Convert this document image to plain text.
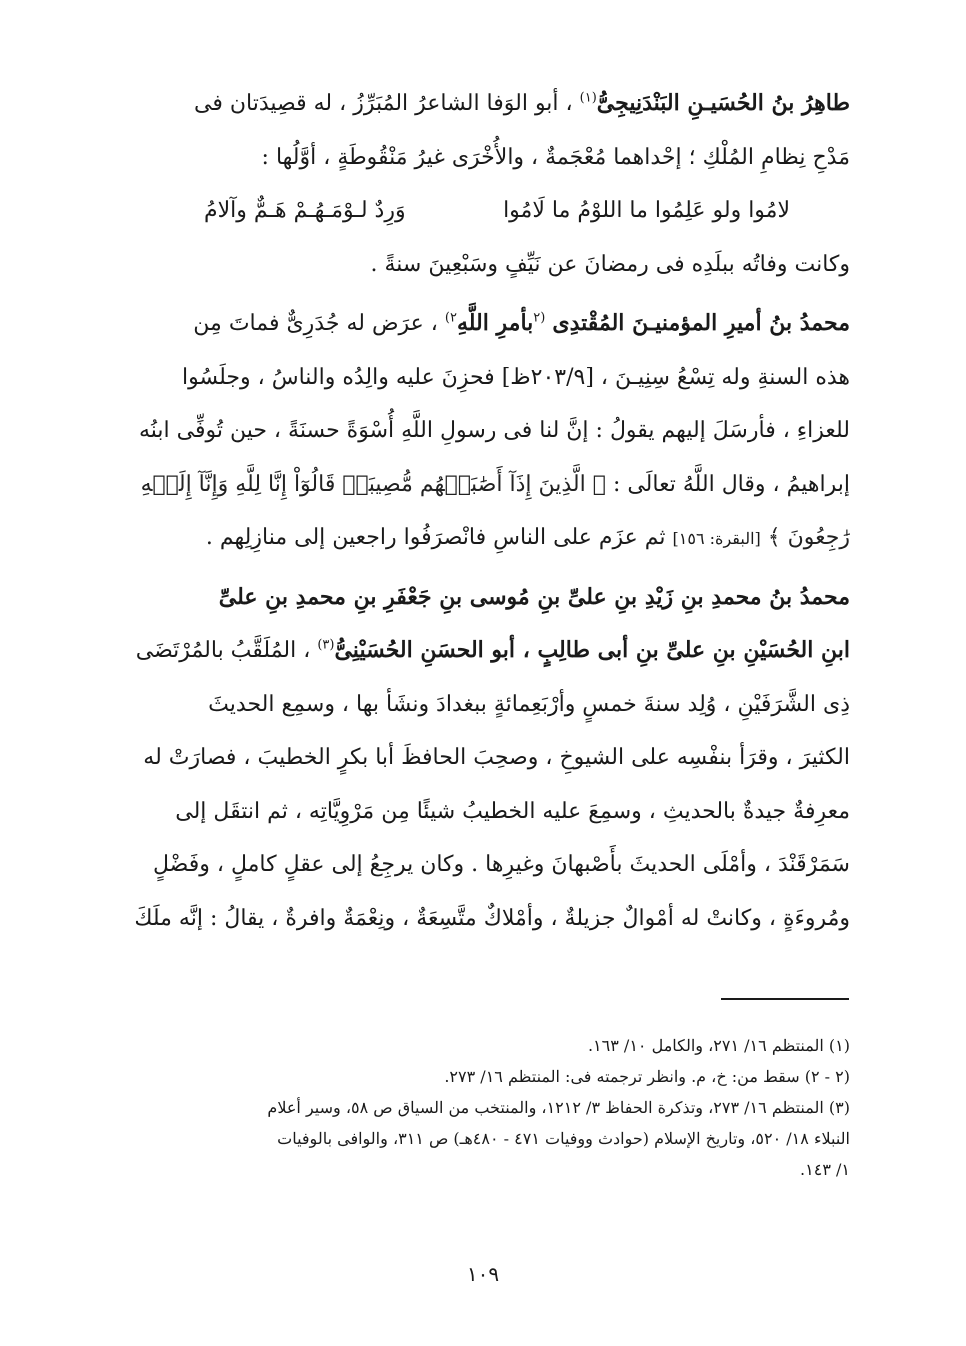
طاهِرُ بنُ الحُسَيـنِ البَنْدَنِيجِىُّ$^{(١)}$ ، أبو الوَفا الشاعرُ المُبَرِّزُ ، له قصِيدَتان فى
مَدْحِ نِظامِ المُلْكِ ؛ إحْداهما مُعْجَمةٌ ، والأُخْرَى غيرُ مَنْقُوطَةٍ ، أوَّلُها :
لامُوا ولو عَلِمُوا ما اللوْمُ ما لَامُوا
وَرِدٌ لـوْمَـهُـمْ هَـمٌّ وآلامُ
وكانت وفاتُه ببلَدِه فى رمضانَ عن نَيِّفٍ وسَبْعِينَ سنةً .
محمدُ بنُ أميرِ المؤمنيـنَ المُقْتدِى $^{(٢}$بأمرِ اللَّهِ$^{٢)}$ ، عرَض له جُدَرِىٌّ فماتَ مِن
هذه السنةِ وله تِسْعُ سِنِيـنَ ، [٢٠٣/٩ظ] فحزِنَ عليه والِدُه والناسُ ، وجلَسُوا
للعزاءِ ، فأرسَلَ إليهم يقولُ : إنَّ لنا فى رسولِ اللَّهِ أُسْوَةً حسنَةً ، حين تُوفِّى ابنُه
إبراهيمُ ، وقال اللَّهُ تعالَى : ﴿ الَّذِينَ إِذَآ أَصَٰبَتۡهُم مُّصِيبَةٞ قَالُوٓاْ إِنَّا لِلَّهِ وَإِنَّآ إِلَيۡهِ
رَٰجِعُونَ ﴾ [البقرة: ١٥٦] ثم عزَم على الناسِ فانْصرَفُوا راجعين إلى منازِلِهم .
محمدُ بنُ محمدِ بنِ زَيْدِ بنِ علىِّ بنِ مُوسى بنِ جَعْفَرِ بنِ محمدِ بنِ علىِّ
ابنِ الحُسَيْنِ بنِ علىِّ بنِ أبى طالِبٍ ، أبو الحسَنِ الحُسَيْنِىُّ$^{(٣)}$ ، المُلَقَّبُ بالمُرْتَضَى
ذِى الشَّرَفَيْنِ ، وُلِد سنةَ خمسٍ وأرْبَعِمائةٍ ببغدادَ ونشَأ بها ، وسمِع الحديثَ
الكثيرَ ، وقرَأ بنفْسِه على الشيوخِ ، وصحِبَ الحافظَ أبا بكرٍ الخطيبَ ، فصارَتْ له
معرِفةٌ جيدةٌ بالحديثِ ، وسمِعَ عليه الخطيبُ شيئًا مِن مَرْوِيَّاتِه ، ثم انتقَل إلى
سَمَرْقَنْدَ ، وأمْلَى الحديثَ بأَصْبهانَ وغيرِها . وكان يرجِعُ إلى عقلٍ كاملٍ ، وفَضْلٍ
ومُروءَةٍ ، وكانتْ له أمْوالٌ جزيلةٌ ، وأمْلاكٌ متَّسِعَةٌ ، ونِعْمَةٌ وافرةٌ ، يقالُ : إنَّه ملَكَ
(١) المنتظم ١٦/ ٢٧١، والكامل ١٠/ ١٦٣.
(٢ - ٢) سقط من: خ، م. وانظر ترجمته فى: المنتظم ١٦/ ٢٧٣.
(٣) المنتظم ١٦/ ٢٧٣، وتذكرة الحفاظ ٣/ ١٢١٢، والمنتخب من السياق ص ٥٨، وسير أعلام
النبلاء ١٨/ ٥٢٠، وتاريخ الإسلام (حوادث ووفيات ٤٧١ - ٤٨٠هـ) ص ٣١١، والوافى بالوفيات
١/ ١٤٣.
١٠٩
